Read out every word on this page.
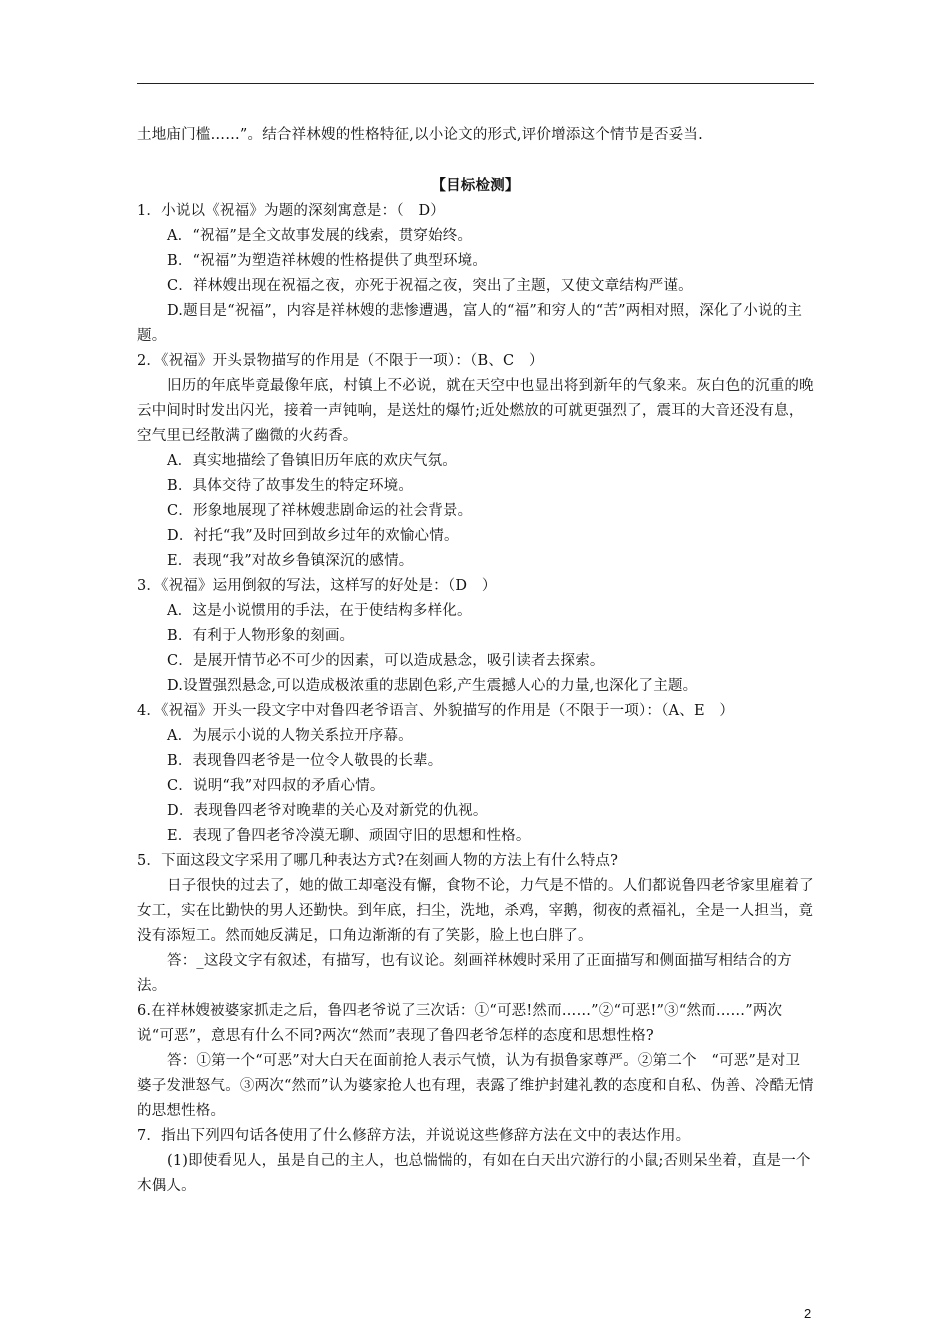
土地庙门槛……”。结合祥林嫂的性格特征,以小论文的形式,评价增添这个情节是否妥当.

【目标检测】

1．小说以《祝福》为题的深刻寓意是：（　D）

A．“祝福”是全文故事发展的线索，贯穿始终。

B．“祝福”为塑造祥林嫂的性格提供了典型环境。

C．祥林嫂出现在祝福之夜，亦死于祝福之夜，突出了主题，又使文章结构严谨。

D.题目是“祝福”，内容是祥林嫂的悲惨遭遇，富人的“福”和穷人的“苦”两相对照，深化了小说的主题。

2．《祝福》开头景物描写的作用是（不限于一项）：（B、C　）

旧历的年底毕竟最像年底，村镇上不必说，就在天空中也显出将到新年的气象来。灰白色的沉重的晚云中间时时发出闪光，接着一声钝响，是送灶的爆竹;近处燃放的可就更强烈了，震耳的大音还没有息，空气里已经散满了幽微的火药香。

A．真实地描绘了鲁镇旧历年底的欢庆气氛。

B．具体交待了故事发生的特定环境。

C．形象地展现了祥林嫂悲剧命运的社会背景。

D．衬托“我”及时回到故乡过年的欢愉心情。

E．表现“我”对故乡鲁镇深沉的感情。

3．《祝福》运用倒叙的写法，这样写的好处是：（D　）

A．这是小说惯用的手法，在于使结构多样化。

B．有利于人物形象的刻画。

C．是展开情节必不可少的因素，可以造成悬念，吸引读者去探索。

D.设置强烈悬念,可以造成极浓重的悲剧色彩,产生震撼人心的力量,也深化了主题。

4．《祝福》开头一段文字中对鲁四老爷语言、外貌描写的作用是（不限于一项）：（A、E　）

A．为展示小说的人物关系拉开序幕。

B．表现鲁四老爷是一位令人敬畏的长辈。

C．说明“我”对四叔的矛盾心情。

D．表现鲁四老爷对晚辈的关心及对新党的仇视。

E．表现了鲁四老爷冷漠无聊、顽固守旧的思想和性格。

5．下面这段文字采用了哪几种表达方式?在刻画人物的方法上有什么特点?

日子很快的过去了，她的做工却毫没有懈，食物不论，力气是不惜的。人们都说鲁四老爷家里雇着了女工，实在比勤快的男人还勤快。到年底，扫尘，洗地，杀鸡，宰鹅，彻夜的煮福礼，全是一人担当，竟没有添短工。然而她反满足，口角边渐渐的有了笑影，脸上也白胖了。

答：_这段文字有叙述，有描写，也有议论。刻画祥林嫂时采用了正面描写和侧面描写相结合的方法。

6.在祥林嫂被婆家抓走之后，鲁四老爷说了三次话：①“可恶!然而……”②“可恶!”③“然而……”两次说“可恶”，意思有什么不同?两次“然而”表现了鲁四老爷怎样的态度和思想性格?

答：①第一个“可恶”对大白天在面前抢人表示气愤，认为有损鲁家尊严。②第二个　“可恶”是对卫婆子发泄怒气。③两次“然而”认为婆家抢人也有理，表露了维护封建礼教的态度和自私、伪善、冷酷无情的思想性格。

7．指出下列四句话各使用了什么修辞方法，并说说这些修辞方法在文中的表达作用。

(1)即使看见人，虽是自己的主人，也总惴惴的，有如在白天出穴游行的小鼠;否则呆坐着，直是一个木偶人。

2
